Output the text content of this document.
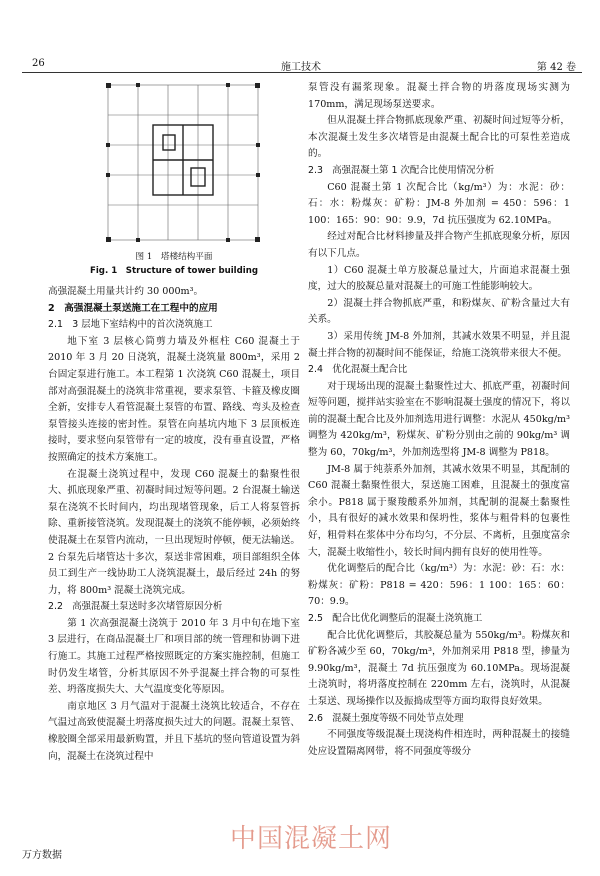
26	施工技术	第 42 卷
图 1　塔楼结构平面
Fig. 1　Structure of tower building

高强混凝土用量共计约 30 000m³。

2　高强混凝土泵送施工在工程中的应用

2.1　3 层地下室结构中的首次浇筑施工

地下室 3 层核心筒剪力墙及外框柱 C60 混凝土于 2010 年 3 月 20 日浇筑，混凝土浇筑量 800m³，采用 2 台固定泵进行施工。本工程第 1 次浇筑 C60 混凝土，项目部对高强混凝土的浇筑非常重视，要求泵管、卡箍及橡皮圈全新，安排专人看管混凝土泵管的布置、路线、弯头及检查泵管接头连接的密封性。泵管在向基坑内地下 3 层顶板连接时，要求竖向泵管带有一定的坡度，没有垂直设置，严格按照确定的技术方案施工。

在混凝土浇筑过程中，发现 C60 混凝土的黏聚性很大、抓底现象严重、初凝时间过短等问题。2 台混凝土输送泵在浇筑不长时间内，均出现堵管现象，后工人将泵管拆除、重新接管浇筑。发现混凝土的浇筑不能停顿，必须始终使混凝土在泵管内流动，一旦出现短时停顿，便无法输送。2 台泵先后堵管达十多次，泵送非常困难，项目部组织全体员工到生产一线协助工人浇筑混凝土，最后经过 24h 的努力，将 800m³ 混凝土浇筑完成。

2.2　高强混凝土泵送时多次堵管原因分析

第 1 次高强混凝土浇筑于 2010 年 3 月中旬在地下室 3 层进行，在商品混凝土厂和项目部的统一管理和协调下进行施工。其施工过程严格按照既定的方案实施控制，但施工时仍发生堵管，分析其原因不外乎混凝土拌合物的可泵性差、坍落度损失大、大气温度变化等原因。

南京地区 3 月气温对于混凝土浇筑比较适合，不存在气温过高致使混凝土坍落度损失过大的问题。混凝土泵管、橡胶圈全部采用最新购置，并且下基坑的竖向管道设置为斜向，混凝土在浇筑过程中

泵管没有漏浆现象。混凝土拌合物的坍落度现场实测为 170mm，满足现场泵送要求。

但从混凝土拌合物抓底现象严重、初凝时间过短等分析，本次混凝土发生多次堵管是由混凝土配合比的可泵性差造成的。

2.3　高强混凝土第 1 次配合比使用情况分析

C60 混凝土第 1 次配合比（kg/m³）为：水泥：砂：石：水：粉煤灰：矿粉：JM-8 外加剂 = 450：596：1 100：165：90：90：9.9，7d 抗压强度为 62.10MPa。

经过对配合比材料掺量及拌合物产生抓底现象分析，原因有以下几点。

1）C60 混凝土单方胶凝总量过大，片面追求混凝土强度，过大的胶凝总量对混凝土的可施工性能影响较大。

2）混凝土拌合物抓底严重，和粉煤灰、矿粉含量过大有关系。

3）采用传统 JM-8 外加剂，其减水效果不明显，并且混凝土拌合物的初凝时间不能保证，给施工浇筑带来很大不便。

2.4　优化混凝土配合比

对于现场出现的混凝土黏聚性过大、抓底严重，初凝时间短等问题，搅拌站实验室在不影响混凝土强度的情况下，将以前的混凝土配合比及外加剂选用进行调整：水泥从 450kg/m³ 调整为 420kg/m³，粉煤灰、矿粉分别由之前的 90kg/m³ 调整为 60，70kg/m³，外加剂选型将 JM-8 调整为 P818。

JM-8 属于纯萘系外加剂，其减水效果不明显，其配制的 C60 混凝土黏聚性很大，泵送施工困难，且混凝土的强度富余小。P818 属于聚羧酸系外加剂，其配制的混凝土黏聚性小，具有很好的减水效果和保坍性，浆体与粗骨料的包裹性好，粗骨料在浆体中分布均匀，不分层、不离析，且强度富余大，混凝土收缩性小，较长时间内拥有良好的使用性等。

优化调整后的配合比（kg/m³）为：水泥：砂：石：水：粉煤灰：矿粉：P818 = 420：596：1 100：165：60：70：9.9。

2.5　配合比优化调整后的混凝土浇筑施工

配合比优化调整后，其胶凝总量为 550kg/m³。粉煤灰和矿粉各减少至 60，70kg/m³，外加剂采用 P818 型，掺量为 9.90kg/m³，混凝土 7d 抗压强度为 60.10MPa。现场混凝土浇筑时，将坍落度控制在 220mm 左右，浇筑时，从混凝土泵送、现场操作以及振捣成型等方面均取得良好效果。

2.6　混凝土强度等级不同处节点处理

不同强度等级混凝土现浇构件相连时，两种混凝土的接缝处应设置隔离网带，将不同强度等级分

中国混凝土网
万方数据
